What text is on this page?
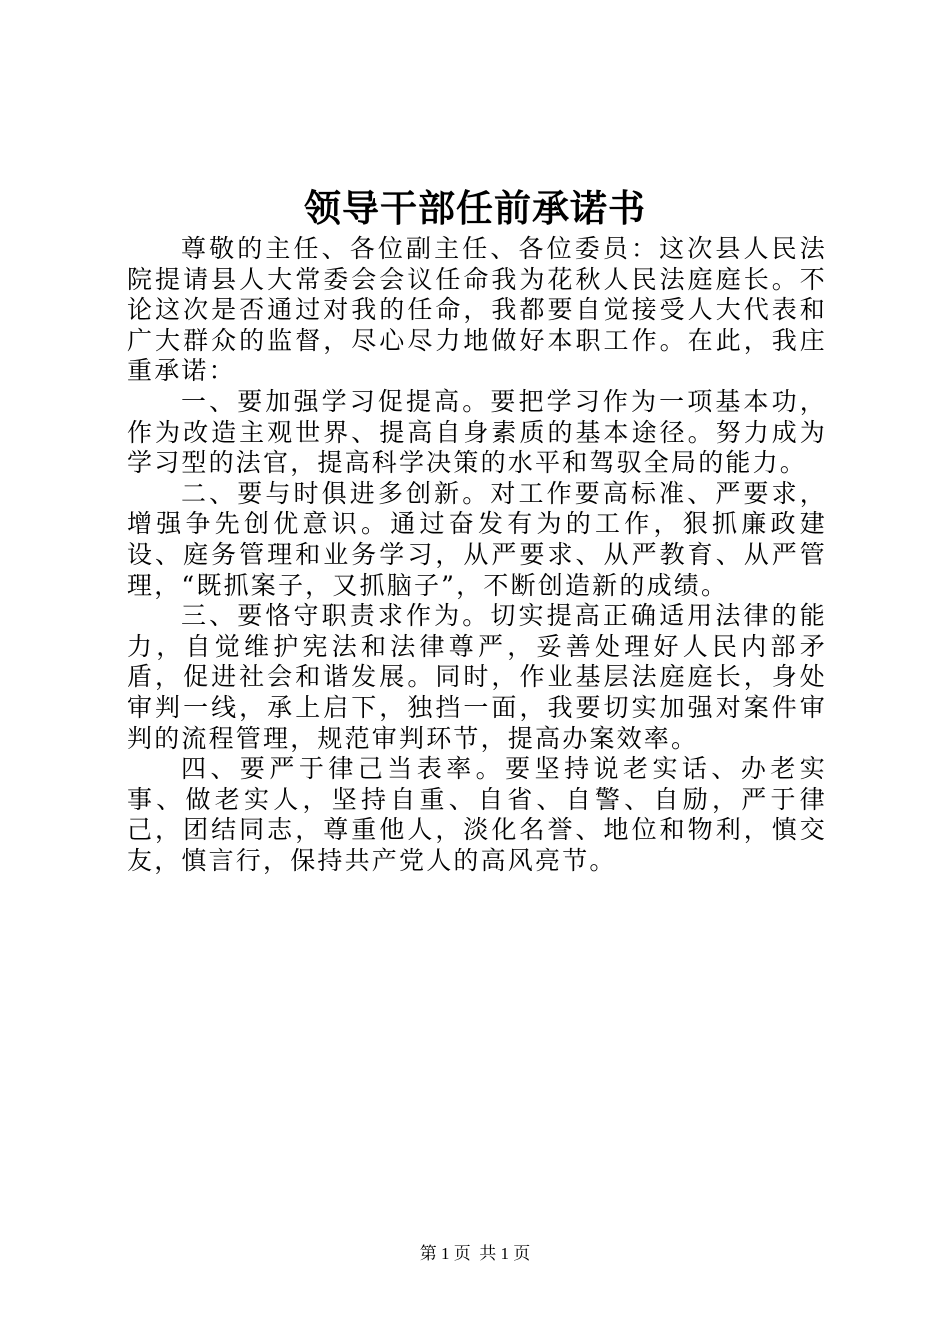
领导干部任前承诺书

尊敬的主任、各位副主任、各位委员：这次县人民法院提请县人大常委会会议任命我为花秋人民法庭庭长。不论这次是否通过对我的任命，我都要自觉接受人大代表和广大群众的监督，尽心尽力地做好本职工作。在此，我庄重承诺：

一、要加强学习促提高。要把学习作为一项基本功，作为改造主观世界、提高自身素质的基本途径。努力成为学习型的法官，提高科学决策的水平和驾驭全局的能力。

二、要与时俱进多创新。对工作要高标准、严要求，增强争先创优意识。通过奋发有为的工作，狠抓廉政建设、庭务管理和业务学习，从严要求、从严教育、从严管理，“既抓案子，又抓脑子”，不断创造新的成绩。

三、要恪守职责求作为。切实提高正确适用法律的能力，自觉维护宪法和法律尊严，妥善处理好人民内部矛盾，促进社会和谐发展。同时，作业基层法庭庭长，身处审判一线，承上启下，独挡一面，我要切实加强对案件审判的流程管理，规范审判环节，提高办案效率。

四、要严于律己当表率。要坚持说老实话、办老实事、做老实人，坚持自重、自省、自警、自励，严于律己，团结同志，尊重他人，淡化名誉、地位和物利，慎交友，慎言行，保持共产党人的高风亮节。

第 1 页  共 1 页
